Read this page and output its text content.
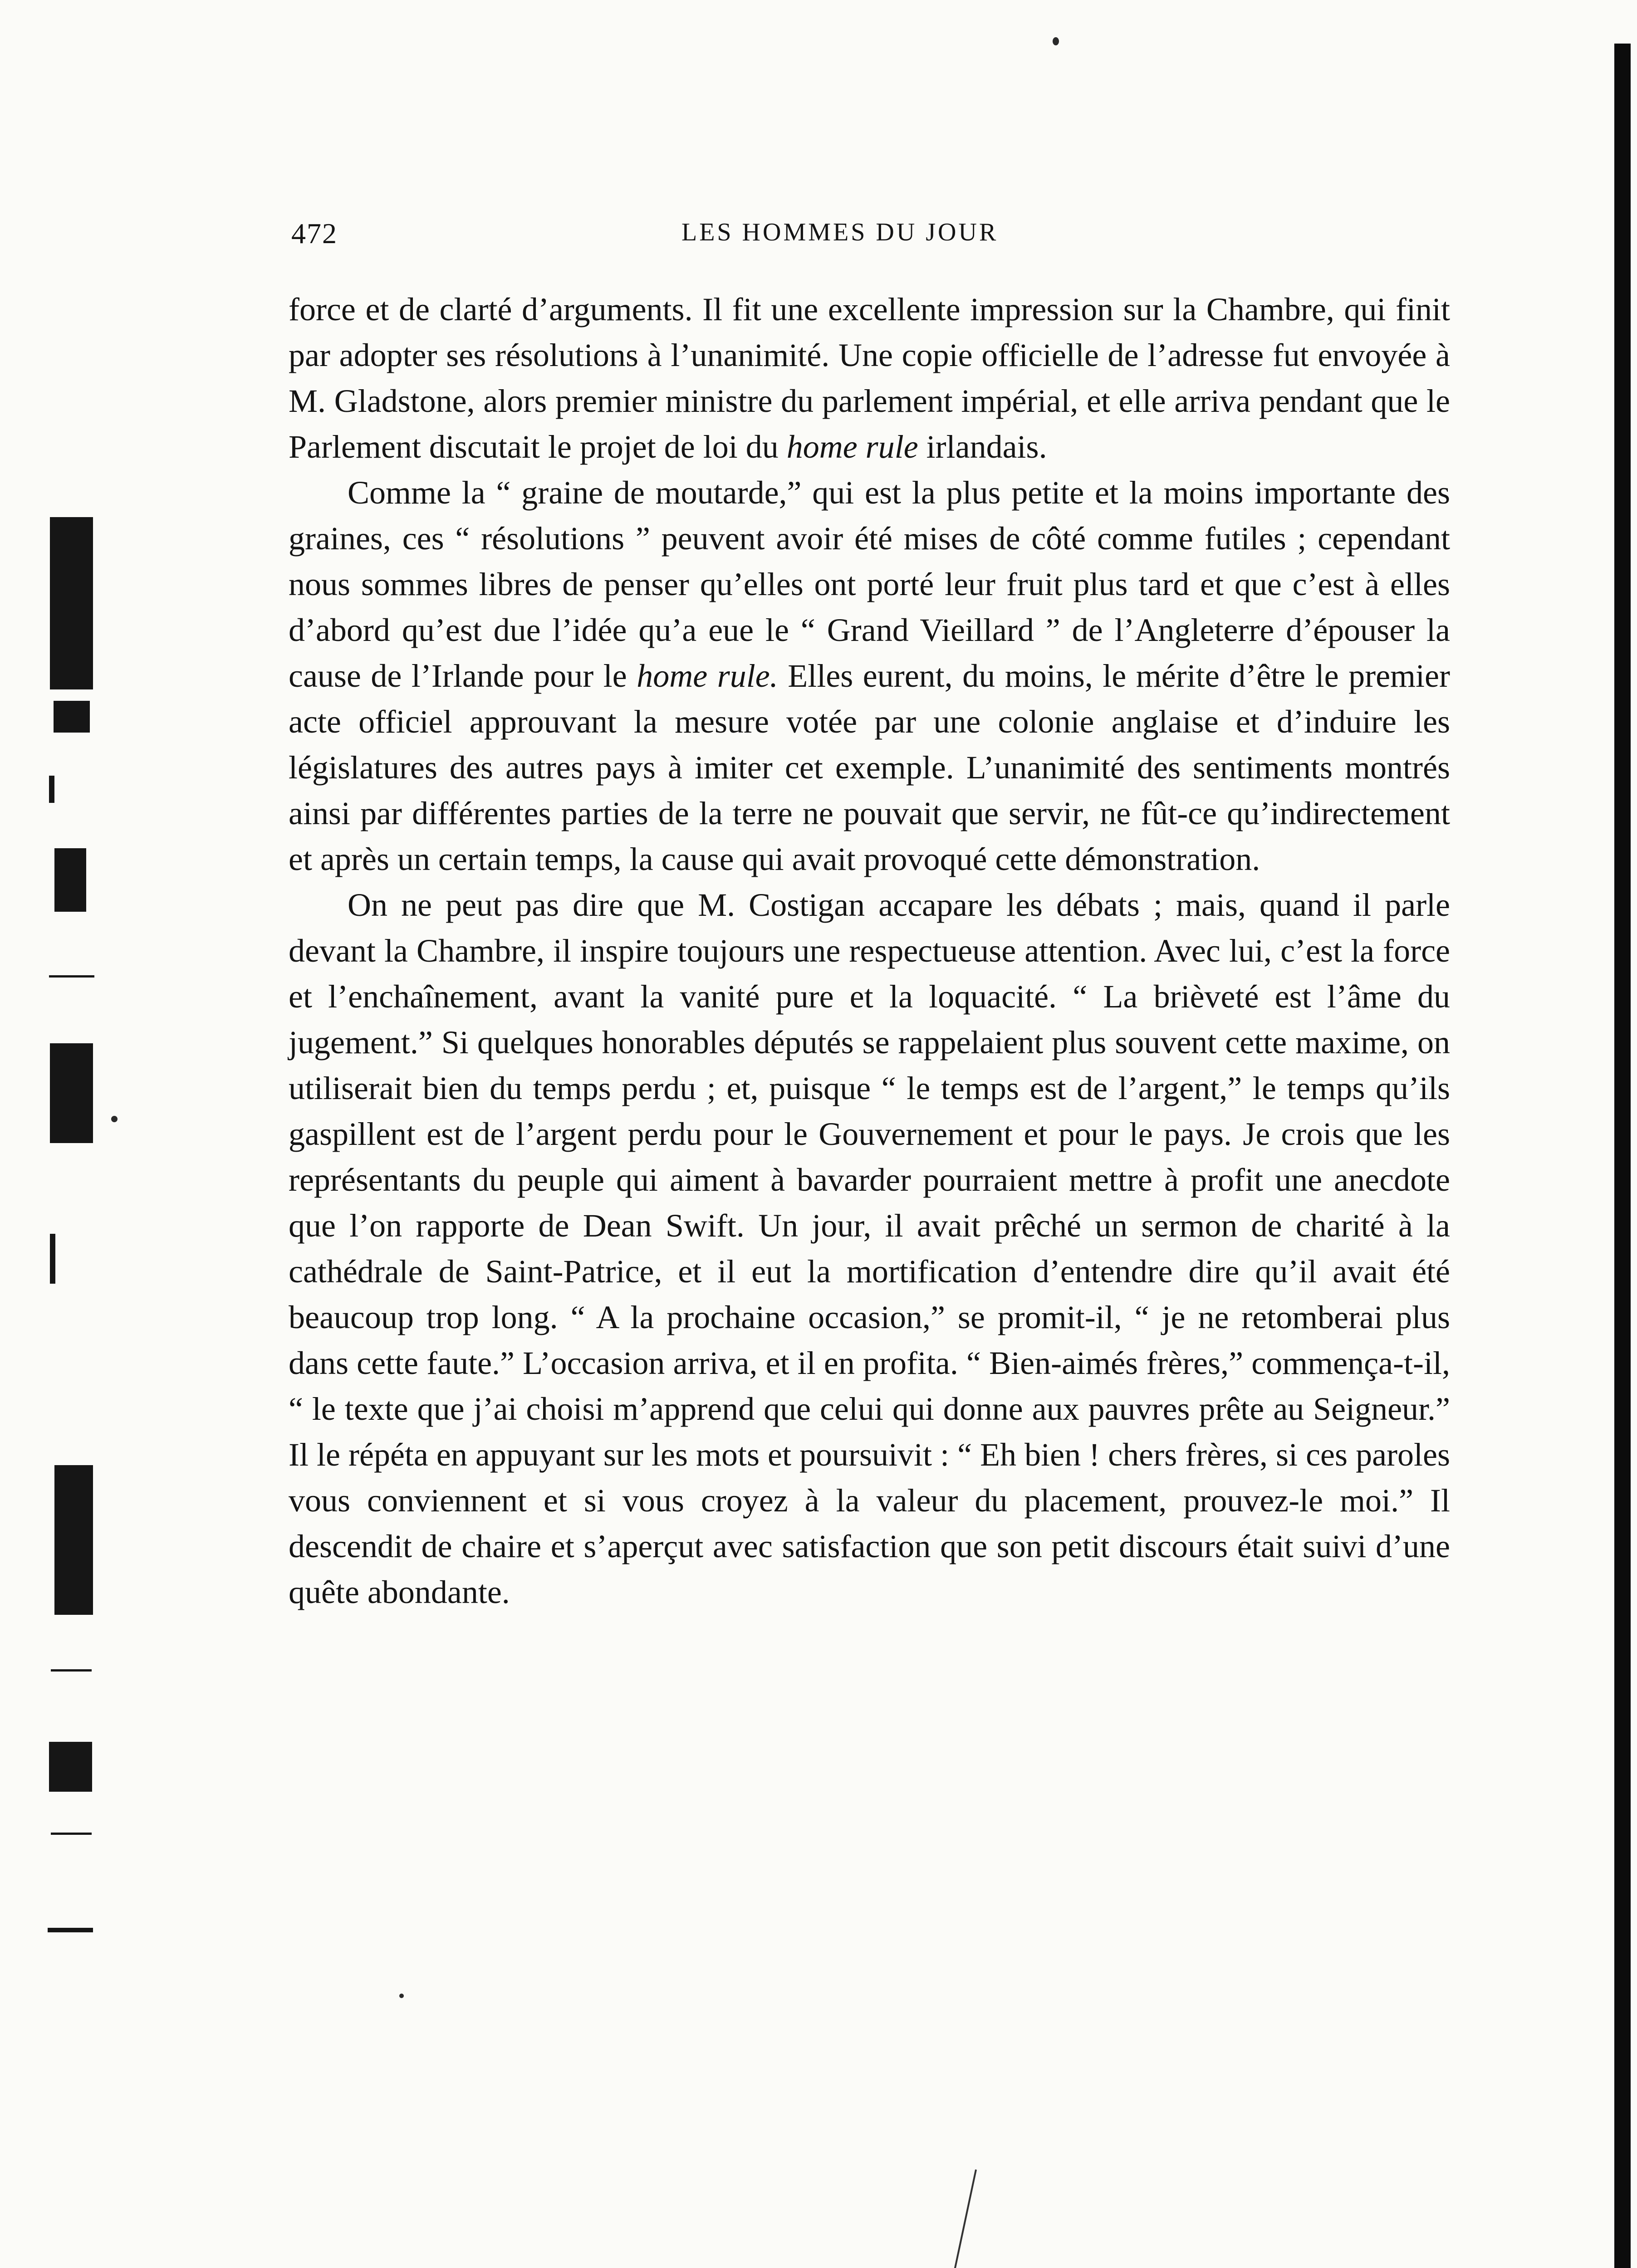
472	LES HOMMES DU JOUR

force et de clarté d’arguments. Il fit une excellente impression sur la Chambre, qui finit par adopter ses résolutions à l’unanimité. Une copie officielle de l’adresse fut envoyée à M. Gladstone, alors premier ministre du parlement impérial, et elle arriva pendant que le Parlement discutait le projet de loi du home rule irlandais.

Comme la “ graine de moutarde,” qui est la plus petite et la moins importante des graines, ces “ résolutions ” peuvent avoir été mises de côté comme futiles ; cependant nous sommes libres de penser qu’elles ont porté leur fruit plus tard et que c’est à elles d’abord qu’est due l’idée qu’a eue le “ Grand Vieillard ” de l’Angleterre d’épouser la cause de l’Irlande pour le home rule. Elles eurent, du moins, le mérite d’être le premier acte officiel approuvant la mesure votée par une colonie anglaise et d’induire les législatures des autres pays à imiter cet exemple. L’unanimité des sentiments montrés ainsi par différentes parties de la terre ne pouvait que servir, ne fût-ce qu’indirectement et après un certain temps, la cause qui avait provoqué cette démonstration.

On ne peut pas dire que M. Costigan accapare les débats ; mais, quand il parle devant la Chambre, il inspire toujours une respectueuse attention. Avec lui, c’est la force et l’enchaînement, avant la vanité pure et la loquacité. “ La brièveté est l’âme du jugement.” Si quelques honorables députés se rappelaient plus souvent cette maxime, on utiliserait bien du temps perdu ; et, puisque “ le temps est de l’argent,” le temps qu’ils gaspillent est de l’argent perdu pour le Gouvernement et pour le pays. Je crois que les représentants du peuple qui aiment à bavarder pourraient mettre à profit une anecdote que l’on rapporte de Dean Swift. Un jour, il avait prêché un sermon de charité à la cathédrale de Saint-Patrice, et il eut la mortification d’entendre dire qu’il avait été beaucoup trop long. “ A la prochaine occasion,” se promit-il, “ je ne retomberai plus dans cette faute.” L’occasion arriva, et il en profita. “ Bien-aimés frères,” commença-t-il, “ le texte que j’ai choisi m’apprend que celui qui donne aux pauvres prête au Seigneur.” Il le répéta en appuyant sur les mots et poursuivit : “ Eh bien ! chers frères, si ces paroles vous conviennent et si vous croyez à la valeur du placement, prouvez-le moi.” Il descendit de chaire et s’aperçut avec satisfaction que son petit discours était suivi d’une quête abondante.
